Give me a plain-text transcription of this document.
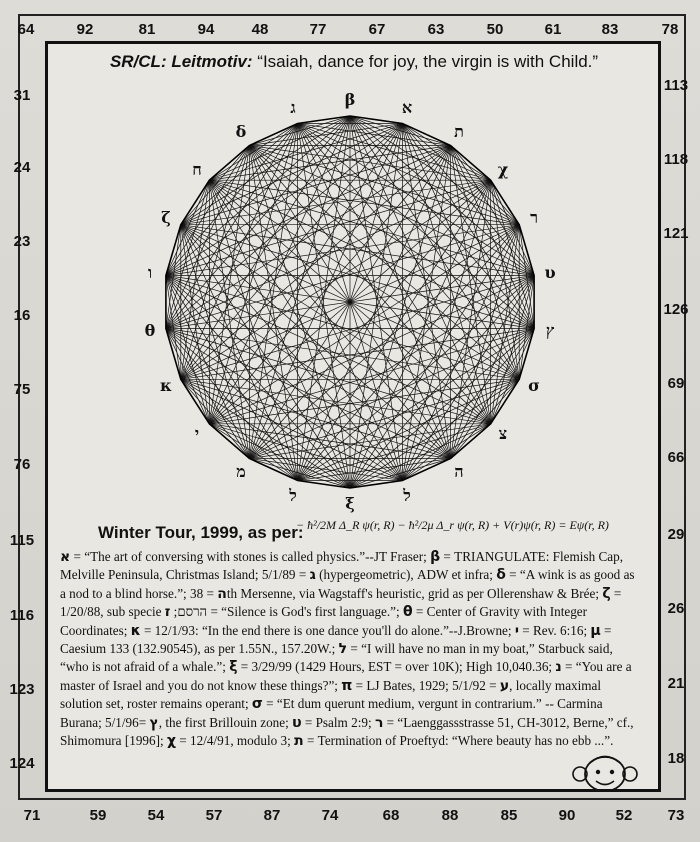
64	92	81	94	48	77	67	63	50	61	83	78
71	59	54	57	87	74	68	88	85	90	52	73
31
24
23
16
75
76
115
116
123
124
113
118
121
126
69
66
29
26
21
18
SR/CL: Leitmotiv: “Isaiah, dance for joy, the virgin is with Child.”
β	א
ת
χ
ר
υ
ץ
σ
צ
ה
ל
ξ
ל
מ
י
κ
θ
ו
ζ
ח
δ
ג
Winter Tour, 1999, as per:
− ħ²/2M Δ_R ψ(r, R) − ħ²/2μ Δ_r ψ(r, R) + V(r)ψ(r, R) = Eψ(r, R)
א = “The art of conversing with stones is called physics.”--JT Fraser; β = TRIANGULATE: Flemish Cap, Melville Peninsula, Christmas Island;	ג = 5/1/89 (hypergeometric), ADW et infra; δ = “A wink is as good as a nod to a blind horse.”; ה = 38th Mersenne, via Wagstaff's heuristic, grid as per Ollerenshaw & Brée; ζ = 1/20/88, sub specie הרסם; ז	= “Silence is God's first language.”; θ = Center of Gravity with Integer Coordinates; κ = 12/1/93: “In the end there is one dance you'll do alone.”--J.Browne; י = Rev. 6:16; μ = Caesium 133 (132.90545), as per 1.55N., 157.20W.; ל = “I will have no man in my boat,” Starbuck said, “who is not afraid of a whale.”; ξ = 3/29/99 (1429 Hours, EST = over 10K); High 10,040.36; נ = “You are a master of Israel and you do not know these things?”; π = LJ Bates, 1929;	ע = 5/1/92, locally maximal solution set, roster remains operant; σ = “Et dum querunt medium, vergunt in contrarium.” -- Carmina Burana;	ץ =5/1/96, the first Brillouin zone; υ = Psalm 2:9; ר = “Laenggassstrasse 51, CH-3012, Berne,” cf., Shimomura [1996]; χ = 12/4/91, modulo 3; ת = Termination of Proeftyd: “Where beauty has no ebb ...”.
